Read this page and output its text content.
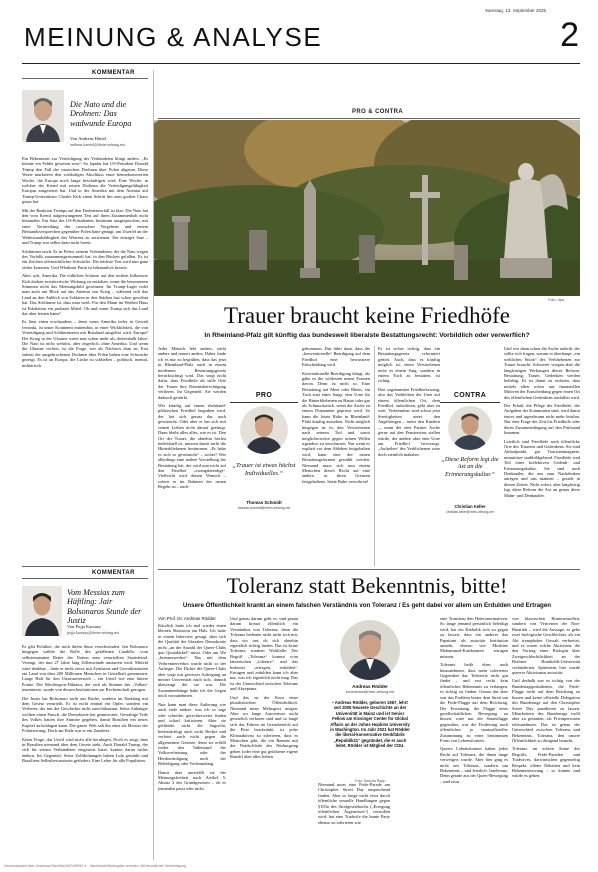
Samstag, 13. September 2025
MEINUNG & ANALYSE	2
KOMMENTAR
Die Nato und die Drohnen: Das wadwunde Europa
Von Andreas Härtel
andreas.haertel@rhein-zeitung.net

Ein Bekenntnis zur Verteidigung der Verbündeten klingt anders. „Es könnte ein Fehler gewesen sein“: So lapidar hat US-Präsident Donald Trump den Fall der russischen Drohnen über Polen abgetan. Diese Worte markieren den vorläufigen Abschluss einer bemerkenswerten Woche, die Europa noch lange beschäftigen wird. Eine Woche, in welcher der Kreml mit seinen Drohnen die Verteidigungsfähigkeit Europas ausgetestet hat. Und in der Amerika mit dem Attentat auf Trump-Unterstützer Charlie Kirk einen Schritt hin zum großen Chaos getan hat.

Mit der Reaktion Trumps auf den Drohnenvorfall ist klar: Die Nato hat den vom Kreml aufgezwungenen Test auf ihren Zusammenhalt nicht bestanden. Ein Satz des US-Präsidenten, bestimmt ausgesprochen, mit einer Verurteilung des russischen Vorgehens und einem Beistandsversprechen gegenüber Polen hätte genügt, um Zweifel an der Widerstandsfähigkeit des Westens zu zerstreuen. Ein einziger Satz – und Trump war selbst dazu nicht bereit.

Schlimmer noch: Er ist Polen, seinem Verbündeten, der die Nato wegen des Vorfalls zusammengetrommelt hat, in den Rücken gefallen. Es ist ein Zeichen offensichtlicher Schwäche. Die nächste Test wird nun ganz sicher kommen. Und Wladimir Putin ist bekanntlich kreativ.

Aber, ach, Amerika. Die tödlichen Schüsse auf den rechten Influencer Kirk drohen zerstörerische Wirkung zu entfalten, wenn die besonnenen Stimmen nicht das Meinungsbild gewinnen. Im Trump-Lager redet man auch mit Blick auf das Attentat von Krieg – während sich das Land an den Anblick von Soldaten in den Städten fast schon gewöhnt hat. Das Schlimme ist, dass man weiß: Für den Mann im Weißen Haus ist Eskalation ein probates Mittel. Ob und wann Trump sich das Land das aber leisten kann?

Es lässt einen erschaudern – denn wenn Amerika tiefer in Gewalt versinkt, ist unser Kontinent mittendrin, in einer Wirklichkeit, die von Verteidigung und Schlimmerem mit Russland ausgelöst wird. Europa? Der Krieg in der Ukraine wäret nun schon mehr als dreieinhalb Jahre. Die Nato ist nicht wehrlos, aber zögerlich, ohne Amerika. Und wenn die Ukraine verliert, ist die Frage, wer als Nächstes dran ist. Erst zuletzt die ausgebrochenen Drohnen über Polen haben eine Schwäche gezeigt. Es ist an Europa, die Lücke zu schließen – politisch, mental, militärisch.

KOMMENTAR
Vom Messias zum Häftling: Jair Bolsonaros Stunde der Justiz
Von Pojja Karsazy
pojja.karsazy@rhein-zeitung.net

Es gibt Politiker, die nach ihrem Sturz verschwinden. Jair Bolsonaro hingegen wählte die Rolle des gefallenen Caudillo: vom selbsternannten Retter der Nation zum verurteilten Staatsfeind. Verzagt, der nun 27 Jahre lang Zellenwände anstarren wird. Mitleid wäre denkbar – hätte er nicht zuvor mit Zynismus und Gewaltfantasien ein Land von über 200 Millionen Menschen in Geiselhaft genommen. Lange Haft für den Umsturzversuch – ein Urteil wie eine bittere Pointe. Der Möchtegern-Diktator, der sich als Stimme des „Volkes“ inszenierte, wurde von dessen Institutionen zur Rechenschaft gezogen.

Die Justiz hat Bolsonaro nicht aus Rache, sondern im Einklang mit dem Gesetz verurteilt. Er ist nicht einmal ein Opfer, sondern ein Verlierer, der mit der Geschichte nicht zurechtkommt. Seine Anhänger wollten einen Putsch, die Demokratie hat geantwortet. Gewaltige Teile des Volkes hatten ihre Stimme gegeben, damit Brasilien ein neues Kapitel aufschlagen kann. Die ganze Welt sah ihn einst als Meister der Polarisierung. Doch am Ende war er ein Zauderer.

Keine Frage, das Urteil wird nicht alle beruhigen. Doch es zeigt, dass in Brasilien niemand über dem Gesetz steht. Auch Donald Trump, der sich für seinen Verbündeten eingesetzt hatte, konnte daran nichts ändern. Im Gegenteil: Seine Zolldrohungen haben Lula gestärkt und Brasiliens Selbstbewusstsein gefördert. Eine Lehre für alle Populisten.

PRO & CONTRA
Foto: dpa
Trauer braucht keine Friedhöfe
In Rheinland-Pfalz gilt künftig das bundesweit liberalste Bestattungsrecht: Vorbildlich oder verwerflich?

Jeder Mensch lebt anders, stirbt anders und trauert anders. Daher finde ich es nur zu begrüßen, dass das jetzt in Rheinland-Pfalz auch in einem modernen Bestattungsgesetz berücksichtigt wird. Das sorgt nicht dafür, dass Friedhöfe als stille Orte der Trauer ihre Daseinsberechtigung verlieren. Im Gegenteil: Sie werden dadurch gestärkt.

Wer künftig auf einem rheinland-pfälzischen Friedhof begraben wird, der hat sich genau das auch gewünscht. Oder aber er hat sich mit seinen Lieben nicht darauf geeinigt. Dann bleibt alles alles, wie es ist. Den Ort der Trauer, die ohnehin höchst individuell ist, müssen damit nicht die Hinterbliebenen bestimmen. „Er hätte es sich so gewünscht“ – sicher? Wer allerdings eine andere Vorstellung der Bestattung hat, der wird nun nicht auf den Friedhof „zwangsbeerdigt“. Vielleicht wird dessen Wunsch – sofern es im Rahmen der neuen Regeln ist – nach-

PRO
„Trauer ist etwas höchst Individuelles.“
Thomas Schmidt
thomas.schmidt@rhein-zeitung.net

gekommen. Das führt dazu, dass die „konventionelle“ Beerdigung auf dem Friedhof eine bewusstere Entscheidung wird.

Konventionelle Beerdigung klingt, als gäbe es die wildesten neuen Formen davon. Denn ist nicht so. Eine Bestattung auf Meer oder Rhein, ein Tuch statt eines Sargs, eine Urne für die Hinterbliebenen zu Hause oder gar als Schmuckstück, wenn die Asche zu einem Diamanten gepresst wird. So kann die letzte Ruhe in Rheinland-Pfalz künftig aussehen. Nicht möglich hingegen ist es, den Verstorbenen nach seinem Tod und somit möglicherweise gegen seinen Willen irgendwo zu verscharren. Nur wenn es explizit vor dem Ableben festgehalten wird, kann eine der neuen Bestattungsformen gewählt werden. Niemand muss sich nun einem Menschen dieses Recht auf eine andere, in ihren Grenzen festgehaltene, letzte Ruhe verwehren!

Es ist sicher richtig, dass ein Bestattungsgesetz reformiert gehört. Auch, dass es künftig möglich ist, einen Verstorbenen nicht in einem Sarg, sondern in einem Tuch zu bestatten, ist richtig.

Den sogenannten Friedhofszwang, also das Verbleiben der Urne auf einem öffentlichen Ort, dem Friedhof, aufzulösen, geht aber zu weit. Verbrennbar sind schon jetzt Streitigkeiten unter den Angehörigen – meist den Kindern –, wenn der eine Partner Asche gerne auf den Fenstersims stellen würde, der andere aber eine Urne am Friedhof bevorzugt. „Aufteilen“ des Verblichenen wäre doch ziemlich makaber.

CONTRA
„Diese Reform legt die Axt an die Erinnerungskultur.“
Christian Keller
christian.keller@rhein-zeitung.net

Und wer dann schon die Asche aufteilt, der sollte sich fragen, warum er überhaupt „ein weltliches Stück“ des Verbliebenen zur Trauer braucht. Schwerer wiegen aber die langfristigen Wirkungen dieser Reform. Bestattung, Trauer, Gedenken werden beliebig. Es ist damit zu rechnen, dass mittels allen schon aus finanziellen Motiven der Entscheidung gegen einen Ort des öffentlichen Gedenkens ausfallen wird.

Der Erhalt, die Pflege der Friedhöfe, der Aufgaben der Kommunen sind, wird damit teurer und irgendwann nicht mehr leistbar. Nur eine Frage der Zeit bis Friedhöfe oder deren Zusammenlegung auf den Prüfstand kommen.

Letztlich sind Friedhöfe auch öffentliche Orte des Trauerns und Gedenkens. Sie sind Anlaufpunkt, gar Touristenmagnete, minutiöser stadtbildgebend. Friedhöfe sind Teil einer kollektiven Gedenk- und Erinnerungskultur. Sie sind auch Denkmäler, die uns zum Nachdenken anregen und uns mahnen – gerade in diesen Zeiten. Nicht sofort, aber langfristig legt diese Reform die Axt an genau diese Mahn- und Denkmäler.

Toleranz statt Bekenntnis, bitte!
Unsere Öffentlichkeit krankt an einem falschen Verständnis von Toleranz / Es geht dabei vor allem um Erdulden und Ertragen
Von Prof. Dr. Andreas Rödder

Kürzlich hatte ich mal wieder einen kleinen Shitstorm am Hals. Ich hatte in einem Interview gesagt, dass sich die Qualität der liberalen Demokratie nicht „an der Anzahl der Queer-Clubs quo Quotalärkel“ misst. Oder am Wo „brennerwerbot“. Das mit dem Verbrennerverbot wurde nicht so der Aufreger. Die Dichte der Queer-Clubs aber sorgt mit gewisser Aufregung an meiner Universität nach sich, danach überzeugt die sie war. Die Zusammenhänge habe ich die Gegen mich vorzunehmen.

Nun kann man diese Äußerung wie auch viele andere, was ich so sage oder schreibe, gerechterweise finden und scharf kritisieren. Aber sie gefährdet nicht die Sagrecht, beeinträchtigt auch nicht Rechte und verletzt auch nicht gegen die allgemeinen Gesetze, denn sie erfüllt weder den Tatbestand der Volksverhetzung oder der Herabwürdigung noch der Beleidigung oder Verleumdung.

Damit aber unterfällt sie der Meinungsfreiheit nach Artikel 5, Absatz 2 des Grundgesetzes – ob es jemanden passt oder nicht.

Und genau darum geht es, und genau darum kreuzt öffentlich ein Verständnis von Toleranz, denn die Toleranz bedeutet nicht nicht sich mit, dass wir uns ob sich ohnehin eigentlich richtig finden. Das ist keine Toleranz, sondern Wohlfalle. Der Begriff „Toleranz“ kommt vom lateinischen „tolerare“, und das bedeutet „ertragen, erdulden“. Ertragen und erdulden kann ich aber nur, was ich eigentlich nicht mag. Das ist der Unterschied zwischen Toleranz und Akzeptanz.

Und das ist der Kern einer pluralistischen Öffentlichkeit. Niemand muss Mehrsport mögen. Aber wo lange Autorenwie nicht gesetzlich verboten sind und so lange sich das Fahren im Grenzbereich auf die Piste beschränkt, ist jeder Klimaaktivist zu tolerieren, dass es Menschen gibt, die ein Rennen mit der Nordschleife des Nürburgring gehen (oder eine gut gefahrene eigene Runde) über alles lieben.

Andreas Rödder
kommentar@rhein-zeitung.net
• Andreas Rödder, geboren 1967, lehrt seit 2005 Neueste Geschichte an der Universität in Mainz und ist Senior Fellow am Kissinger Center for Global Affairs an der Johns Hopkins University in Washington. Im Jahr 2021 hat Rödder die liberal-konservative Denkfabrik „Republik21“ gegründet, die er auch leitet. Rödder ist Mitglied der CDU.
Foto: Sascha Rapp

Niemand muss eine Pride-Parade am Christopher Street Day anspruchend finden. Aber so lange nicht etwa durch öffentliche sexuelle Handlungen gegen §183a des Strafgesetzbuchs („Erregung öffentlichen Ärgernisses“) verstoßen wird, hat eine Tradwife die bunte Party ebenso zu tolerieren wie

eine Transfrau den Heteronormativen. So lange jemand persönlich beleidigt wird, hat ein Katholik sich zu gegen zu lassen, dass ein anderer das Papsttum als autoritär Institution ansieht, ebenso wie Muslime Mohammed-Karikaturen ertragen müssen.

Toleranz heißt eben auch hinzunehmen, dass mein toleriertes Gegenüber das Tolerierte nicht gut findet – und erst recht kein öffentliches Bekenntnis zu verlangen, es richtig zu finden. Genau das aber war das Problem hinter dem Streit um die Pride-Flagge auf dem Reichstag. Die Erwartung, die Flagge einer gesellschaftlichen Bewegung zu hissen, wäre nur der Staatsflagge gegenüber, war die Forderung nach öffentlicher, ja staatsoffizieller Zustimmung zu einer bestimmten Form von Lebensformen.

Queere Lebensformen haben jedes Recht auf Toleranz, die ihnen lange verweigert wurde. Aber hier ging es nicht um Toleranz, sondern um Bekenntnis – und letztlich: Intoleranz. Denn gerade aus der Queer-Bewegung – und zwar

von klassischen Homosexuellen, sondern von Vertretern der Non-Binarität – wird die Aussage, es gebe zwei biologische Geschlechter, als ein Akt transphober Gewalt verbreitet, und es waren solche Aktivisten, die den Vortrag einer Biologin über Zweigeschlechtlichkeit an der Berliner Humboldt-Universität verhinderten. Spätestens hier wurde queerer Aktivismus autoritär.

Und deshalb war es richtig von der Bundestagspräsidentin, die Pride-Flagge nicht auf dem Reichstag zu hissen und keine offizielle Delegation des Bundestags auf den Christopher Street Day paradieren zu lassen. Mitarbeitern des Bundestags wollt aber zu gestatten, als Privatpersonen teilzunehmen. Das ist genau der Unterschied zwischen Toleranz und Bekenntnis, Toleranz, den unsere Öffentlichkeit so dringend braucht.

Toleranz im echten Sinne des Begriffs, Pride-Paraden und Tradwives, darwinischen gegenseitig Respekt, offene Debatten und kein Bekenntniszwang – so könnte und würde es gehen.

Gedownloaded über Download 06e4bbe2e57cf900f1 3... Nachdruck/Weitergabe verboten. Mit freundlicher Genehmigung
